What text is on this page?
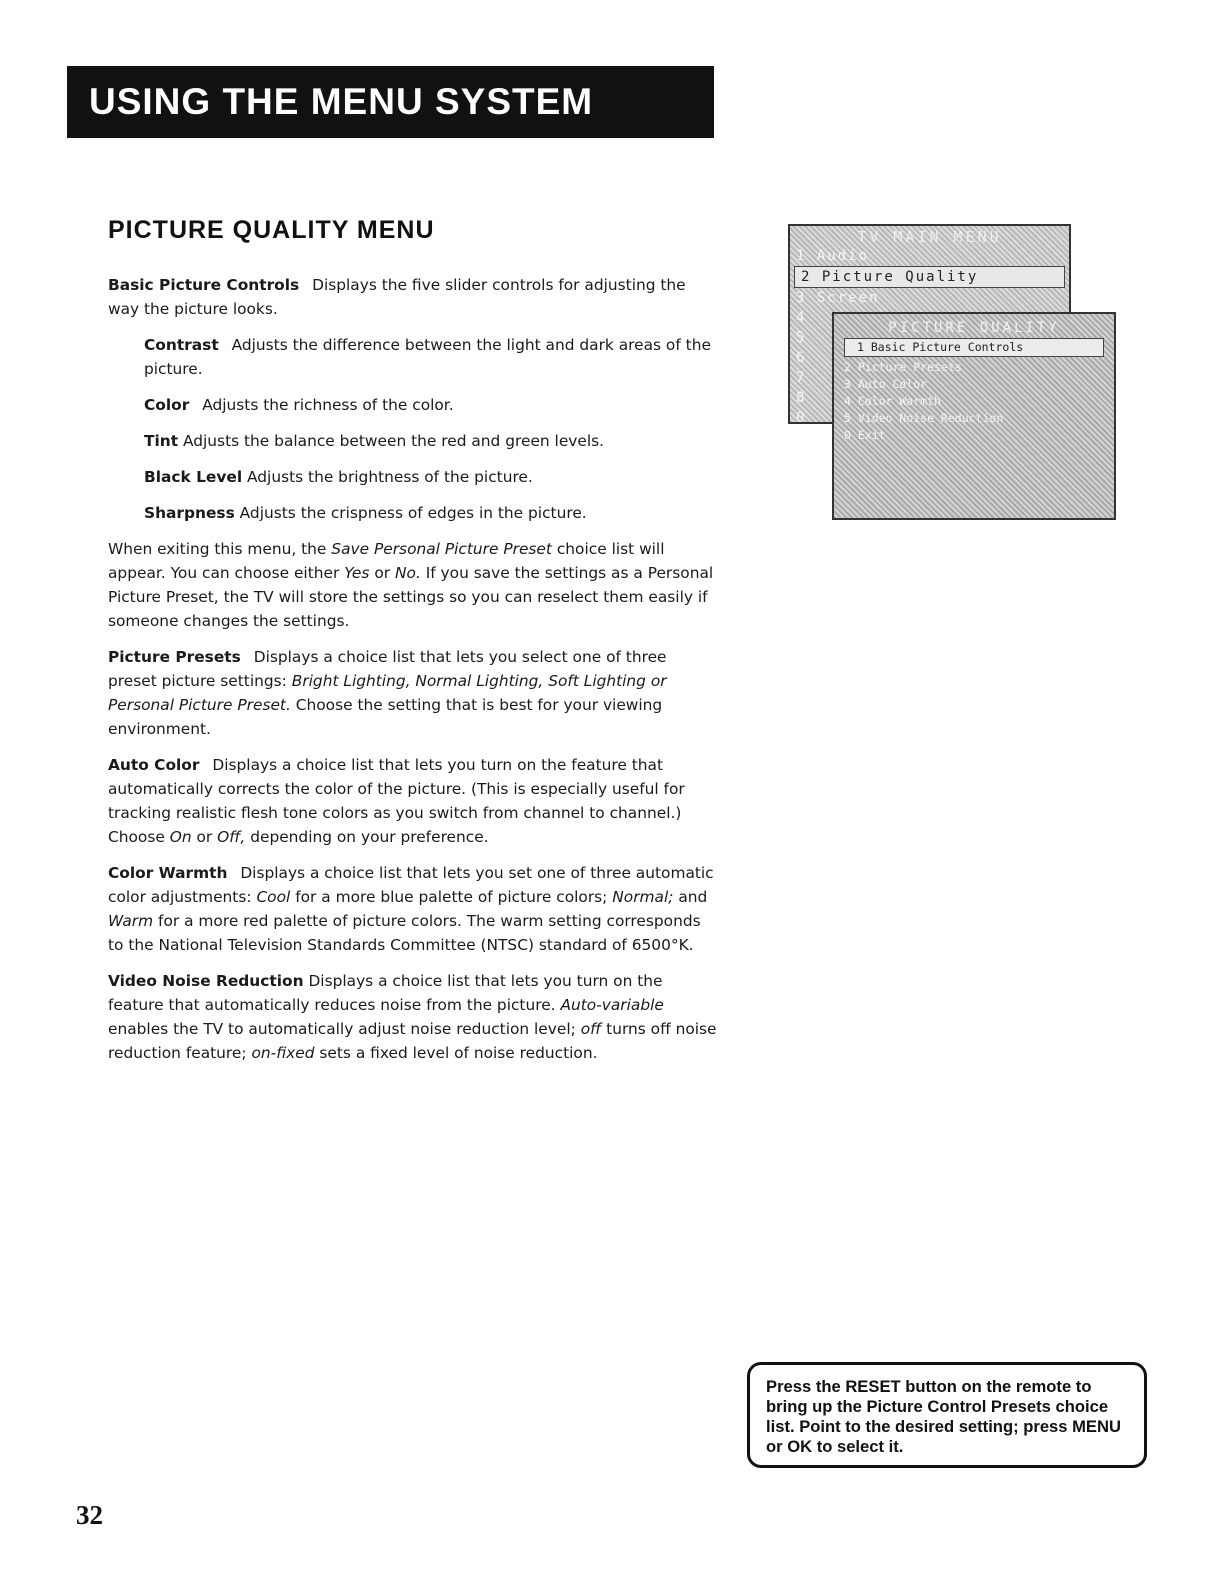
USING THE MENU SYSTEM
PICTURE QUALITY MENU

Basic Picture Controls Displays the five slider controls for adjusting the way the picture looks.

Contrast Adjusts the difference between the light and dark areas of the picture.

Color Adjusts the richness of the color.

Tint Adjusts the balance between the red and green levels.

Black Level Adjusts the brightness of the picture.

Sharpness Adjusts the crispness of edges in the picture.

When exiting this menu, the Save Personal Picture Preset choice list will appear. You can choose either Yes or No. If you save the settings as a Personal Picture Preset, the TV will store the settings so you can reselect them easily if someone changes the settings.

Picture Presets Displays a choice list that lets you select one of three preset picture settings: Bright Lighting, Normal Lighting, Soft Lighting or Personal Picture Preset. Choose the setting that is best for your viewing environment.

Auto Color Displays a choice list that lets you turn on the feature that automatically corrects the color of the picture. (This is especially useful for tracking realistic flesh tone colors as you switch from channel to channel.) Choose On or Off, depending on your preference.

Color Warmth Displays a choice list that lets you set one of three automatic color adjustments: Cool for a more blue palette of picture colors; Normal; and Warm for a more red palette of picture colors. The warm setting corresponds to the National Television Standards Committee (NTSC) standard of 6500°K.

Video Noise Reduction Displays a choice list that lets you turn on the feature that automatically reduces noise from the picture. Auto-variable enables the TV to automatically adjust noise reduction level; off turns off noise reduction feature; on-fixed sets a fixed level of noise reduction.

TV MAIN MENU
1 Audio
2 Picture Quality
3 Screen
4
5
6
7
8
0
PICTURE QUALITY
1 Basic Picture Controls
2 Picture Presets
3 Auto Color
4 Color Warmth
5 Video Noise Reduction
0 Exit
Press the RESET button on the remote to bring up the Picture Control Presets choice list. Point to the desired setting; press MENU or OK to select it.
32
